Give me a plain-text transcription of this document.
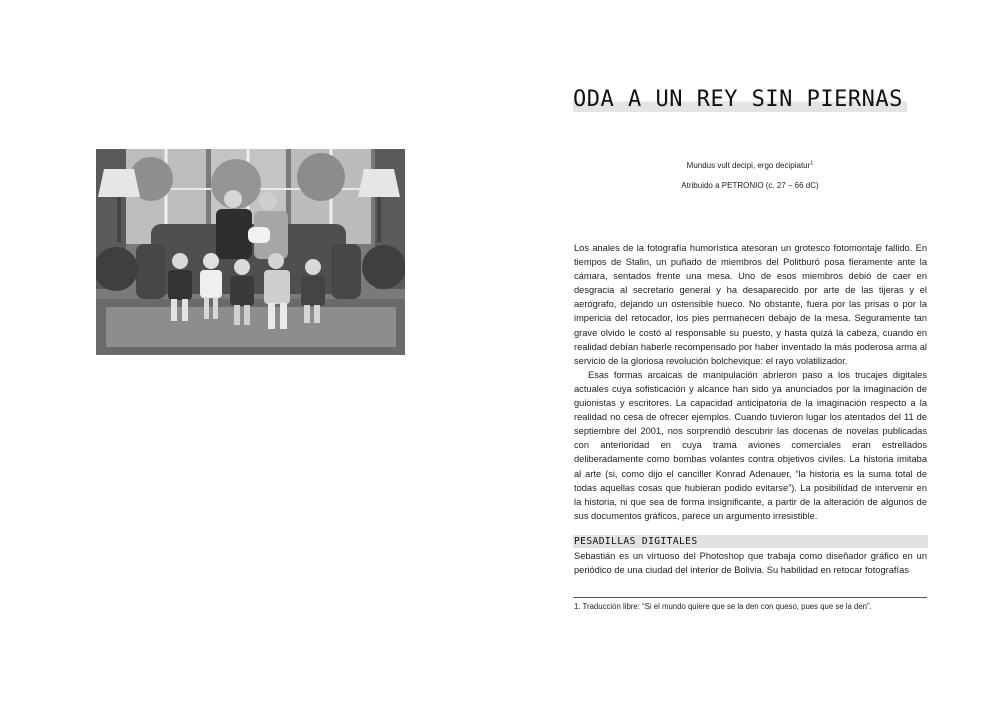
ODA A UN REY SIN PIERNAS
Mundus vult decipi, ergo decipiatur$^1$
Atribuido a PETRONIO (c. 27 – 66 dC)

Los anales de la fotografía humorística atesoran un grotesco fotomontaje fallido. En tiempos de Stalin, un puñado de miembros del Politburó posa fieramente ante la cámara, sentados frente una mesa. Uno de esos miembros debió de caer en desgracia al secretario general y ha desaparecido por arte de las tijeras y el aerógrafo, dejando un ostensible hueco. No obstante, fuera por las prisas o por la impericia del retocador, los pies permanecen debajo de la mesa. Seguramente tan grave olvido le costó al responsable su puesto, y hasta quizá la cabeza, cuando en realidad debían haberle recompensado por haber inventado la más poderosa arma al servicio de la gloriosa revolución bolchevique: el rayo volatilizador.

Esas formas arcaicas de manipulación abrieron paso a los trucajes digitales actuales cuya sofisticación y alcance han sido ya anunciados por la imaginación de guionistas y escritores. La capacidad anticipatoria de la imaginación respecto a la realidad no cesa de ofrecer ejemplos. Cuando tuvieron lugar los atentados del 11 de septiembre del 2001, nos sorprendió descubrir las docenas de novelas publicadas con anterioridad en cuya trama aviones comerciales eran estrellados deliberadamente como bombas volantes contra objetivos civiles. La historia imitaba al arte (si, como dijo el canciller Konrad Adenauer, “la historia es la suma total de todas aquellas cosas que hubieran podido evitarse”). La posibilidad de intervenir en la historia, ni que sea de forma insignificante, a partir de la alteración de algunos de sus documentos gráficos, parece un argumento irresistible.

PESADILLAS DIGITALES
Sebastián es un virtuoso del Photoshop que trabaja como diseñador gráfico en un periódico de una ciudad del interior de Bolivia. Su habilidad en retocar fotografías
1. Traducción libre: “Si el mundo quiere que se la den con queso, pues que se la den”.
